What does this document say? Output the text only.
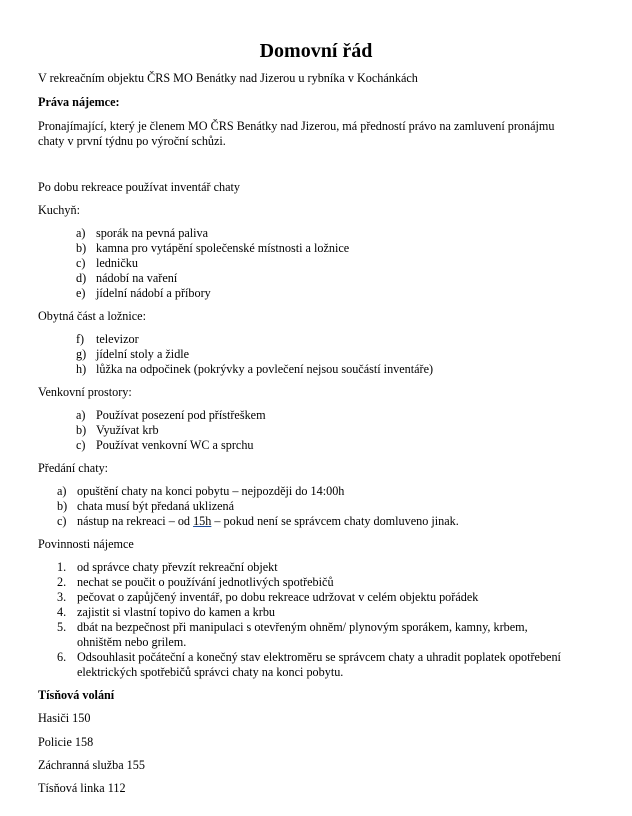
Domovní řád
V rekreačním objektu ČRS MO Benátky nad Jizerou u rybníka v Kochánkách
Práva nájemce:
Pronajímající, který je členem MO ČRS Benátky nad Jizerou, má předností právo na zamluvení pronájmu
chaty v první týdnu po výroční schůzi.
Po dobu rekreace používat inventář chaty
Kuchyň:
a) sporák na pevná paliva
b) kamna pro vytápění společenské místnosti a ložnice
c) ledničku
d) nádobí na vaření
e) jídelní nádobí a příbory
Obytná část a ložnice:
f) televizor
g) jídelní stoly a židle
h) lůžka na odpočinek (pokrývky a povlečení nejsou součástí inventáře)
Venkovní prostory:
a) Používat posezení pod přístřeškem
b) Využívat krb
c) Používat venkovní WC a sprchu
Předání chaty:
a) opuštění chaty na konci pobytu – nejpozději do 14:00h
b) chata musí být předaná uklizená
c) nástup na rekreaci – od 15h – pokud není se správcem chaty domluveno jinak.
Povinnosti nájemce
1. od správce chaty převzít rekreační objekt
2. nechat se poučit o používání jednotlivých spotřebičů
3. pečovat o zapůjčený inventář, po dobu rekreace udržovat v celém objektu pořádek
4. zajistit si vlastní topivo do kamen a krbu
5. dbát na bezpečnost při manipulaci s otevřeným ohněm/ plynovým sporákem, kamny, krbem,
ohništěm nebo grilem.
6. Odsouhlasit počáteční a konečný stav elektroměru se správcem chaty a uhradit poplatek opotřebení
elektrických spotřebičů správci chaty na konci pobytu.
Tísňová volání
Hasiči 150
Policie 158
Záchranná služba 155
Tísňová linka 112
